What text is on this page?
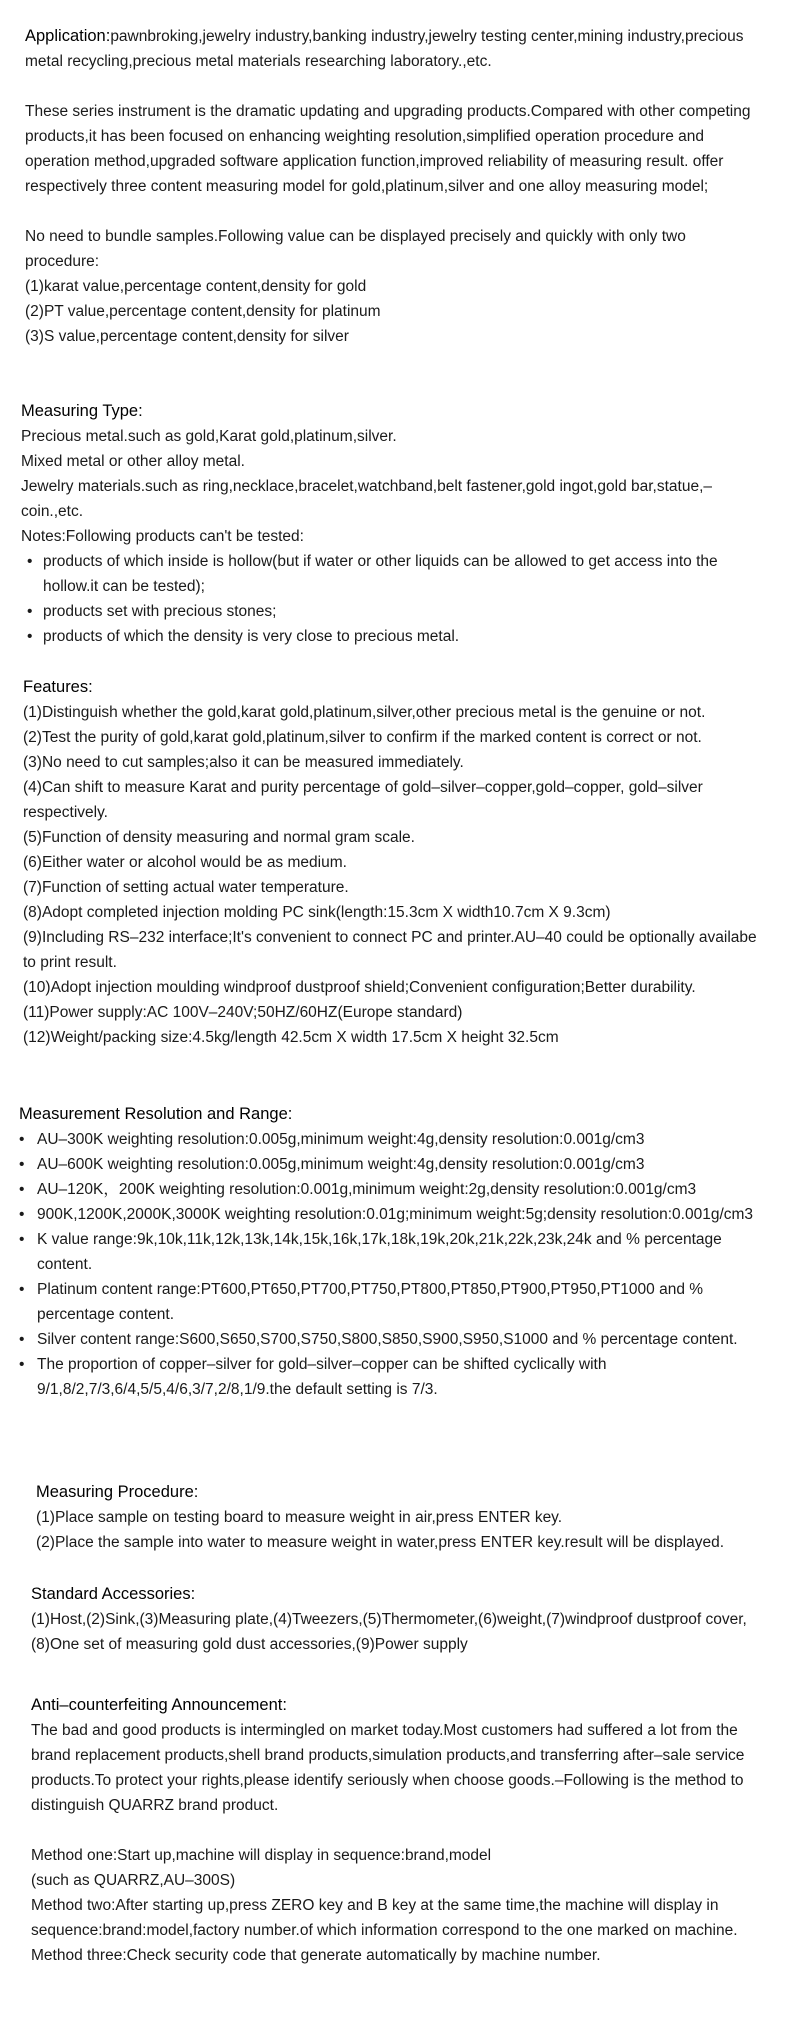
Application:pawnbroking,jewelry industry,banking industry,jewelry testing center,mining industry,precious metal recycling,precious metal materials researching laboratory.,etc.

These series instrument is the dramatic updating and upgrading products.Compared with other competing products,it has been focused on enhancing weighting resolution,simplified operation procedure and operation method,upgraded software application function,improved reliability of measuring result. offer respectively three content measuring model for gold,platinum,silver and one alloy measuring model;

No need to bundle samples.Following value can be displayed precisely and quickly with only two procedure:

(1)karat value,percentage content,density for gold

(2)PT value,percentage content,density for platinum

(3)S value,percentage content,density for silver

Measuring Type:

Precious metal.such as gold,Karat gold,platinum,silver.

Mixed metal or other alloy metal.

Jewelry materials.such as ring,necklace,bracelet,watchband,belt fastener,gold ingot,gold bar,statue,–coin.,etc.

Notes:Following products can't be tested:

• products of which inside is hollow(but if water or other liquids can be allowed to get access into the hollow.it can be tested);

• products set with precious stones;

• products of which the density is very close to precious metal.

Features:

(1)Distinguish whether the gold,karat gold,platinum,silver,other precious metal is the genuine or not.

(2)Test the purity of gold,karat gold,platinum,silver to confirm if the marked content is correct or not.

(3)No need to cut samples;also it can be measured immediately.

(4)Can shift to measure Karat and purity percentage of gold–silver–copper,gold–copper, gold–silver respectively.

(5)Function of density measuring and normal gram scale.

(6)Either water or alcohol would be as medium.

(7)Function of setting actual water temperature.

(8)Adopt completed injection molding PC sink(length:15.3cm X width10.7cm X 9.3cm)

(9)Including RS–232 interface;It's convenient to connect PC and printer.AU–40 could be optionally availabe to print result.

(10)Adopt injection moulding windproof dustproof shield;Convenient configuration;Better durability.

(11)Power supply:AC 100V–240V;50HZ/60HZ(Europe standard)

(12)Weight/packing size:4.5kg/length 42.5cm X width 17.5cm X height 32.5cm

Measurement Resolution and Range:

• AU–300K weighting resolution:0.005g,minimum weight:4g,density resolution:0.001g/cm3

• AU–600K weighting resolution:0.005g,minimum weight:4g,density resolution:0.001g/cm3

• AU–120K，200K weighting resolution:0.001g,minimum weight:2g,density resolution:0.001g/cm3

• 900K,1200K,2000K,3000K weighting resolution:0.01g;minimum weight:5g;density resolution:0.001g/cm3

• K value range:9k,10k,11k,12k,13k,14k,15k,16k,17k,18k,19k,20k,21k,22k,23k,24k and % percentage content.

• Platinum content range:PT600,PT650,PT700,PT750,PT800,PT850,PT900,PT950,PT1000 and % percentage content.

• Silver content range:S600,S650,S700,S750,S800,S850,S900,S950,S1000 and % percentage content.

• The proportion of copper–silver for gold–silver–copper can be shifted cyclically with 9/1,8/2,7/3,6/4,5/5,4/6,3/7,2/8,1/9.the default setting is 7/3.

Measuring Procedure:

(1)Place sample on testing board to measure weight in air,press ENTER key.

(2)Place the sample into water to measure weight in water,press ENTER key.result will be displayed.

Standard Accessories:

(1)Host,(2)Sink,(3)Measuring plate,(4)Tweezers,(5)Thermometer,(6)weight,(7)windproof dustproof cover,(8)One set of measuring gold dust accessories,(9)Power supply

Anti–counterfeiting Announcement:

The bad and good products is intermingled on market today.Most customers had suffered a lot from the brand replacement products,shell brand products,simulation products,and transferring after–sale service products.To protect your rights,please identify seriously when choose goods.–Following is the method to distinguish QUARRZ brand product.

Method one:Start up,machine will display in sequence:brand,model

(such as QUARRZ,AU–300S)

Method two:After starting up,press ZERO key and B key at the same time,the machine will display in sequence:brand:model,factory number.of which information correspond to the one marked on machine.

Method three:Check security code that generate automatically by machine number.
